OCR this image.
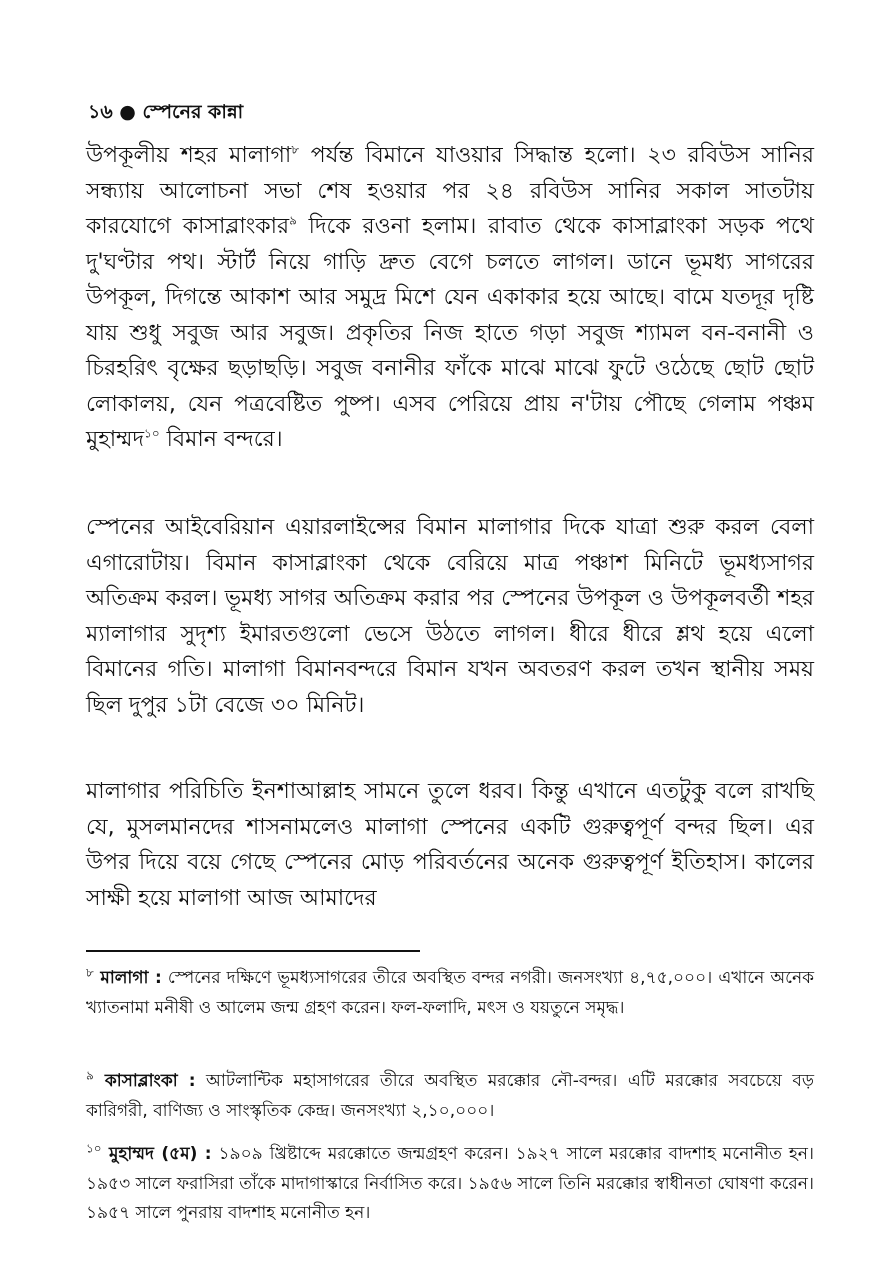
১৬ ● স্পেনের কান্না

উপকূলীয় শহর মালাগা$^৮$ পর্যন্ত বিমানে যাওয়ার সিদ্ধান্ত হলো। ২৩ রবিউস সানির সন্ধ্যায় আলোচনা সভা শেষ হওয়ার পর ২৪ রবিউস সানির সকাল সাতটায় কারযোগে কাসাব্লাংকার$^৯$ দিকে রওনা হলাম। রাবাত থেকে কাসাব্লাংকা সড়ক পথে দু'ঘণ্টার পথ। স্টার্ট নিয়ে গাড়ি দ্রুত বেগে চলতে লাগল। ডানে ভূমধ্য সাগরের উপকূল, দিগন্তে আকাশ আর সমুদ্র মিশে যেন একাকার হয়ে আছে। বামে যতদূর দৃষ্টি যায় শুধু সবুজ আর সবুজ। প্রকৃতির নিজ হাতে গড়া সবুজ শ্যামল বন-বনানী ও চিরহরিৎ বৃক্ষের ছড়াছড়ি। সবুজ বনানীর ফাঁকে মাঝে মাঝে ফুটে ওঠেছে ছোট ছোট লোকালয়, যেন পত্রবেষ্টিত পুষ্প। এসব পেরিয়ে প্রায় ন'টায় পৌছে গেলাম পঞ্চম মুহাম্মদ$^{১০}$ বিমান বন্দরে।

স্পেনের আইবেরিয়ান এয়ারলাইন্সের বিমান মালাগার দিকে যাত্রা শুরু করল বেলা এগারোটায়। বিমান কাসাব্লাংকা থেকে বেরিয়ে মাত্র পঞ্চাশ মিনিটে ভূমধ্যসাগর অতিক্রম করল। ভূমধ্য সাগর অতিক্রম করার পর স্পেনের উপকূল ও উপকূলবর্তী শহর ম্যালাগার সুদৃশ্য ইমারতগুলো ভেসে উঠতে লাগল। ধীরে ধীরে শ্লথ হয়ে এলো বিমানের গতি। মালাগা বিমানবন্দরে বিমান যখন অবতরণ করল তখন স্থানীয় সময় ছিল দুপুর ১টা বেজে ৩০ মিনিট।

মালাগার পরিচিতি ইনশাআল্লাহ সামনে তুলে ধরব। কিন্তু এখানে এতটুকু বলে রাখছি যে, মুসলমানদের শাসনামলেও মালাগা স্পেনের একটি গুরুত্বপূর্ণ বন্দর ছিল। এর উপর দিয়ে বয়ে গেছে স্পেনের মোড় পরিবর্তনের অনেক গুরুত্বপূর্ণ ইতিহাস। কালের সাক্ষী হয়ে মালাগা আজ আমাদের

$^৮$ মালাগা : স্পেনের দক্ষিণে ভূমধ্যসাগরের তীরে অবস্থিত বন্দর নগরী। জনসংখ্যা ৪,৭৫,০০০। এখানে অনেক খ্যাতনামা মনীষী ও আলেম জন্ম গ্রহণ করেন। ফল-ফলাদি, মৎস ও যয়তুনে সমৃদ্ধ।

$^৯$ কাসাব্লাংকা : আটলান্টিক মহাসাগরের তীরে অবস্থিত মরক্কোর নৌ-বন্দর। এটি মরক্কোর সবচেয়ে বড় কারিগরী, বাণিজ্য ও সাংস্কৃতিক কেন্দ্র। জনসংখ্যা ২,১০,০০০।

$^{১০}$ মুহাম্মদ (৫ম) : ১৯০৯ খ্রিষ্টাব্দে মরক্কোতে জন্মগ্রহণ করেন। ১৯২৭ সালে মরক্কোর বাদশাহ মনোনীত হন। ১৯৫৩ সালে ফরাসিরা তাঁকে মাদাগাস্কারে নির্বাসিত করে। ১৯৫৬ সালে তিনি মরক্কোর স্বাধীনতা ঘোষণা করেন। ১৯৫৭ সালে পুনরায় বাদশাহ মনোনীত হন।
